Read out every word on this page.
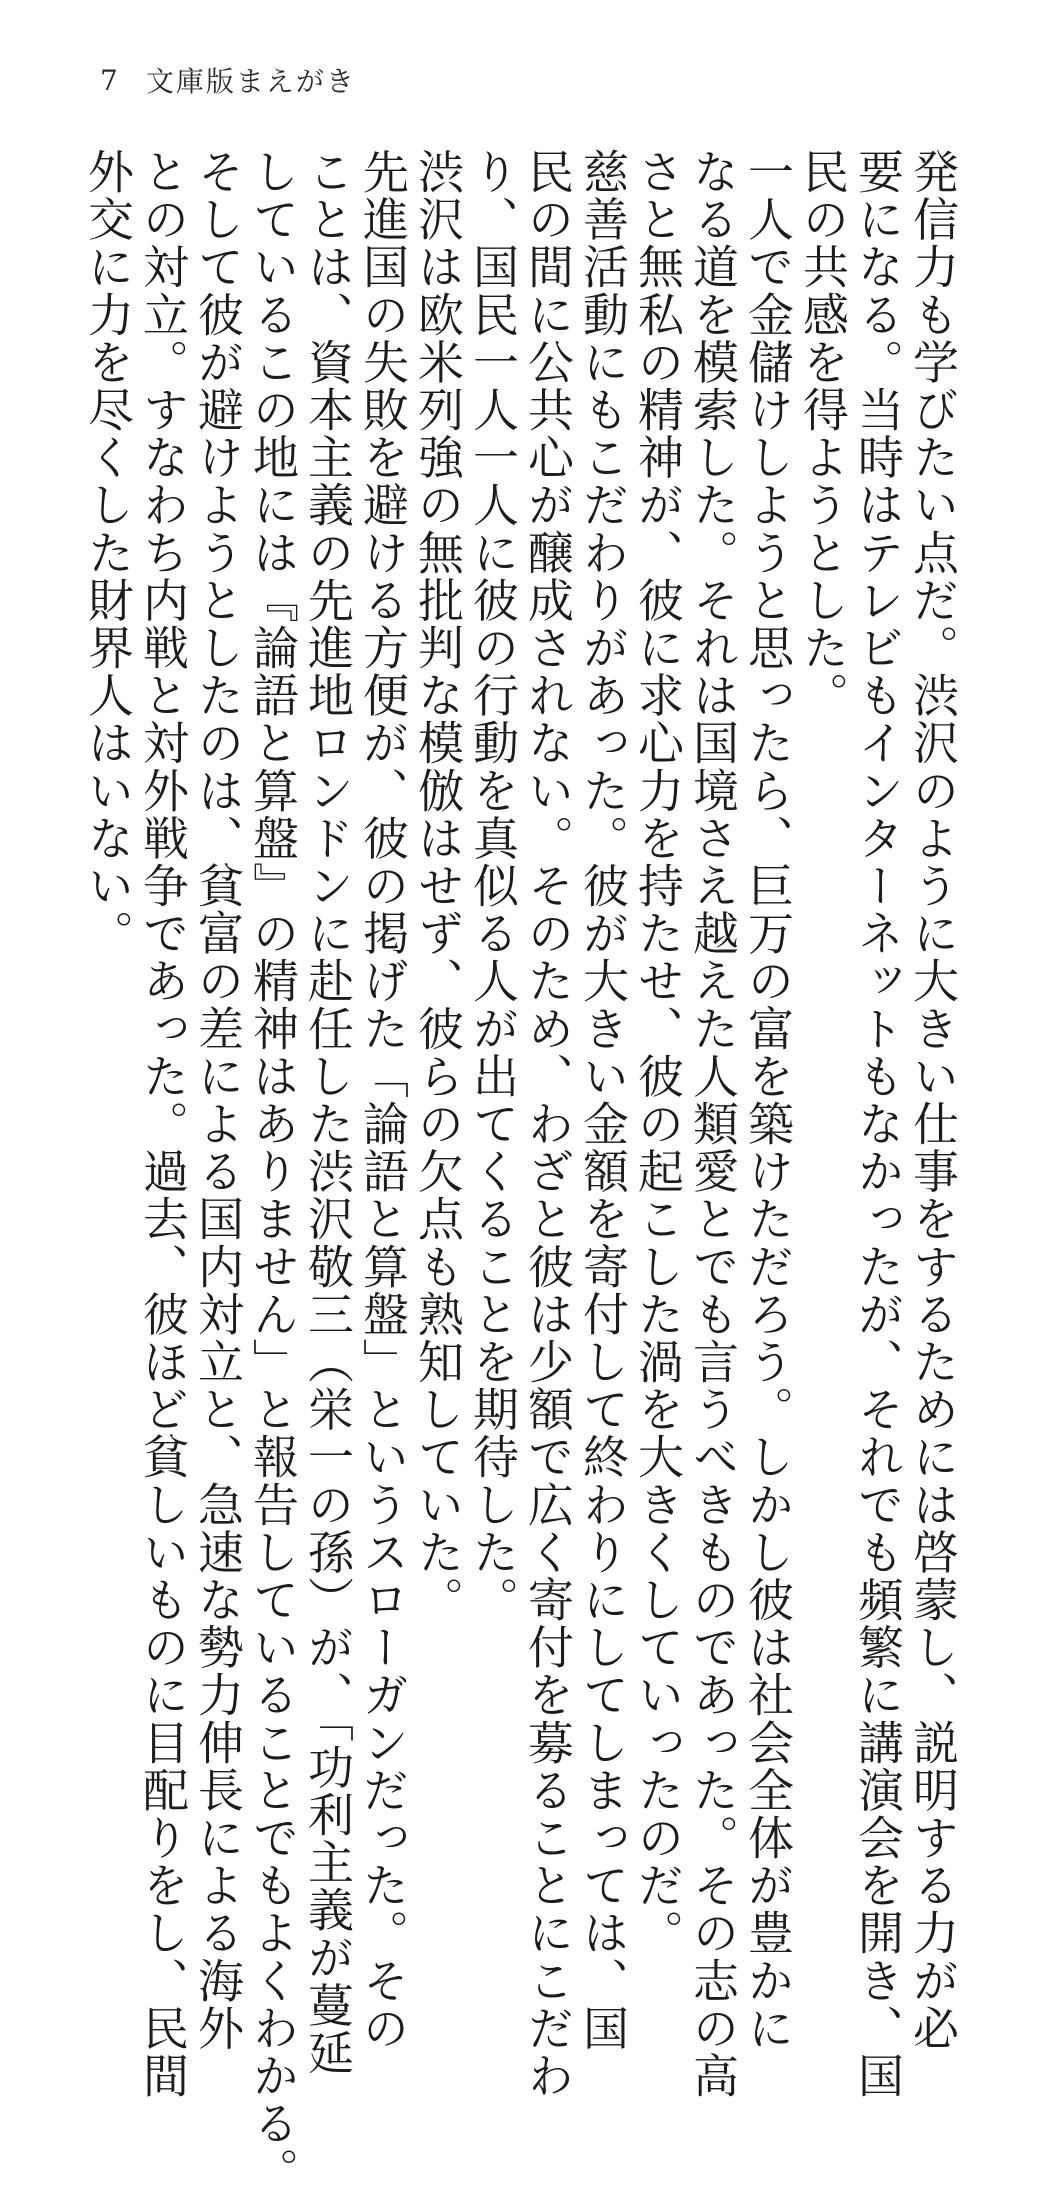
7 文庫版まえがき
発信力も学びたい点だ。渋沢のように大きい仕事をするためには啓蒙し、説明する力が必
要になる。当時はテレビもインターネットもなかったが、それでも頻繁に講演会を開き、国
民の共感を得ようとした。
一人で金儲けしようと思ったら、巨万の富を築けただろう。しかし彼は社会全体が豊かに
なる道を模索した。それは国境さえ越えた人類愛とでも言うべきものであった。その志の高
さと無私の精神が、彼に求心力を持たせ、彼の起こした渦を大きくしていったのだ。
慈善活動にもこだわりがあった。彼が大きい金額を寄付して終わりにしてしまっては、国
民の間に公共心が醸成されない。そのため、わざと彼は少額で広く寄付を募ることにこだわ
り、国民一人一人に彼の行動を真似る人が出てくることを期待した。
渋沢は欧米列強の無批判な模倣はせず、彼らの欠点も熟知していた。
先進国の失敗を避ける方便が、彼の掲げた「論語と算盤」というスローガンだった。その
ことは、資本主義の先進地ロンドンに赴任した渋沢敬三（栄一の孫）が、「功利主義が蔓延
しているこの地には『論語と算盤』の精神はありません」と報告していることでもよくわかる。
そして彼が避けようとしたのは、貧富の差による国内対立と、急速な勢力伸長による海外
との対立。すなわち内戦と対外戦争であった。過去、彼ほど貧しいものに目配りをし、民間
外交に力を尽くした財界人はいない。
